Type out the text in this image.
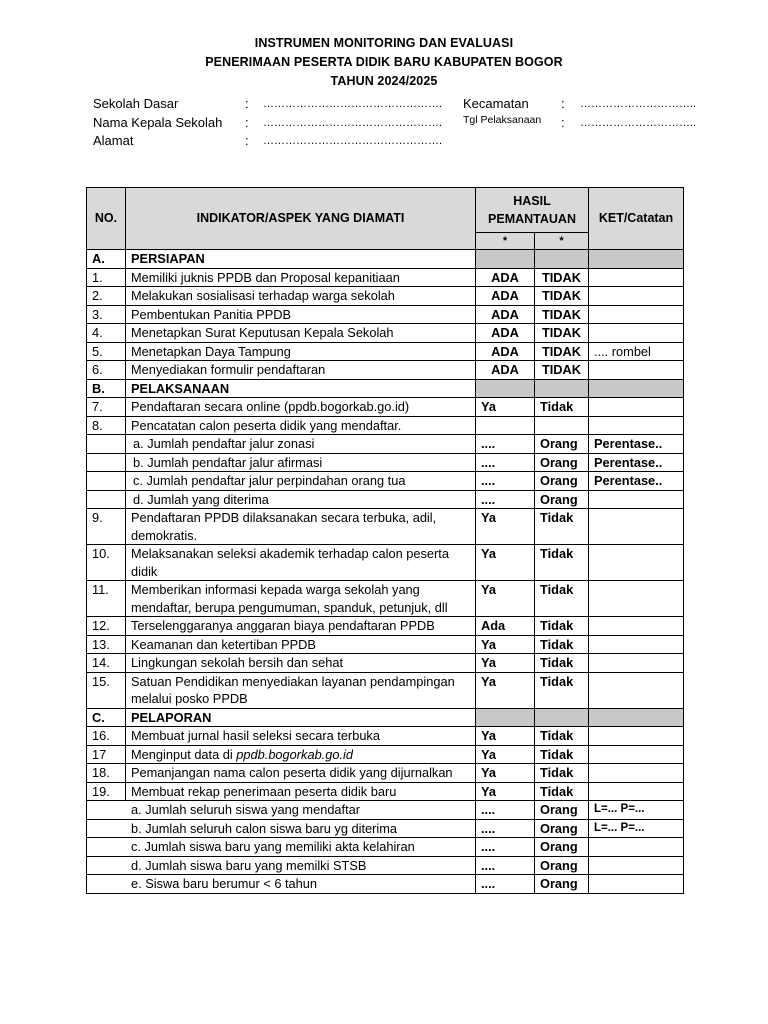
INSTRUMEN MONITORING DAN EVALUASI
PENERIMAAN PESERTA DIDIK BARU KABUPATEN BOGOR
TAHUN 2024/2025
Sekolah Dasar	: ………………………………………….
Nama Kepala Sekolah : ………………………………………….
Alamat	: ………………………………………….
Kecamatan : …………………………..
Tgl Pelaksanaan : …………………………..
NO.	INDIKATOR/ASPEK YANG DIAMATI	HASIL PEMANTAUAN		KET/Catatan
		*	*	
A.	PERSIAPAN			
1.	Memiliki juknis PPDB dan Proposal kepanitiaan	ADA	TIDAK	
2.	Melakukan sosialisasi terhadap warga sekolah	ADA	TIDAK	
3.	Pembentukan Panitia PPDB	ADA	TIDAK	
4.	Menetapkan Surat Keputusan Kepala Sekolah	ADA	TIDAK	
5.	Menetapkan Daya Tampung	ADA	TIDAK	.... rombel
6.	Menyediakan formulir pendaftaran	ADA	TIDAK	
B.	PELAKSANAAN			
7.	Pendaftaran secara online (ppdb.bogorkab.go.id)	Ya	Tidak	
8.	Pencatatan calon peserta didik yang mendaftar.			
	a. Jumlah pendaftar jalur zonasi	....	Orang	Perentase..
	b. Jumlah pendaftar jalur afirmasi	....	Orang	Perentase..
	c. Jumlah pendaftar jalur perpindahan orang tua	....	Orang	Perentase..
	d. Jumlah yang diterima	....	Orang	
9.	Pendaftaran PPDB dilaksanakan secara terbuka, adil, demokratis.	Ya	Tidak	
10.	Melaksanakan seleksi akademik terhadap calon peserta didik	Ya	Tidak	
11.	Memberikan informasi kepada warga sekolah yang mendaftar, berupa pengumuman, spanduk, petunjuk, dll	Ya	Tidak	
12.	Terselenggaranya anggaran biaya pendaftaran PPDB	Ada	Tidak	
13.	Keamanan dan ketertiban PPDB	Ya	Tidak	
14.	Lingkungan sekolah bersih dan sehat	Ya	Tidak	
15.	Satuan Pendidikan menyediakan layanan pendampingan melalui posko PPDB	Ya	Tidak	
C.	PELAPORAN			
16.	Membuat jurnal hasil seleksi secara terbuka	Ya	Tidak	
17	Menginput data di ppdb.bogorkab.go.id	Ya	Tidak	
18.	Pemanjangan nama calon peserta didik yang dijurnalkan	Ya	Tidak	
19.	Membuat rekap penerimaan peserta didik baru	Ya	Tidak	
a. Jumlah seluruh siswa yang mendaftar		....	Orang	L=... P=...
b. Jumlah seluruh calon siswa baru yg diterima		....	Orang	L=... P=...
c. Jumlah siswa baru yang memiliki akta kelahiran		....	Orang	
d. Jumlah siswa baru yang memilki STSB		....	Orang	
e. Siswa baru berumur < 6 tahun		....	Orang	
